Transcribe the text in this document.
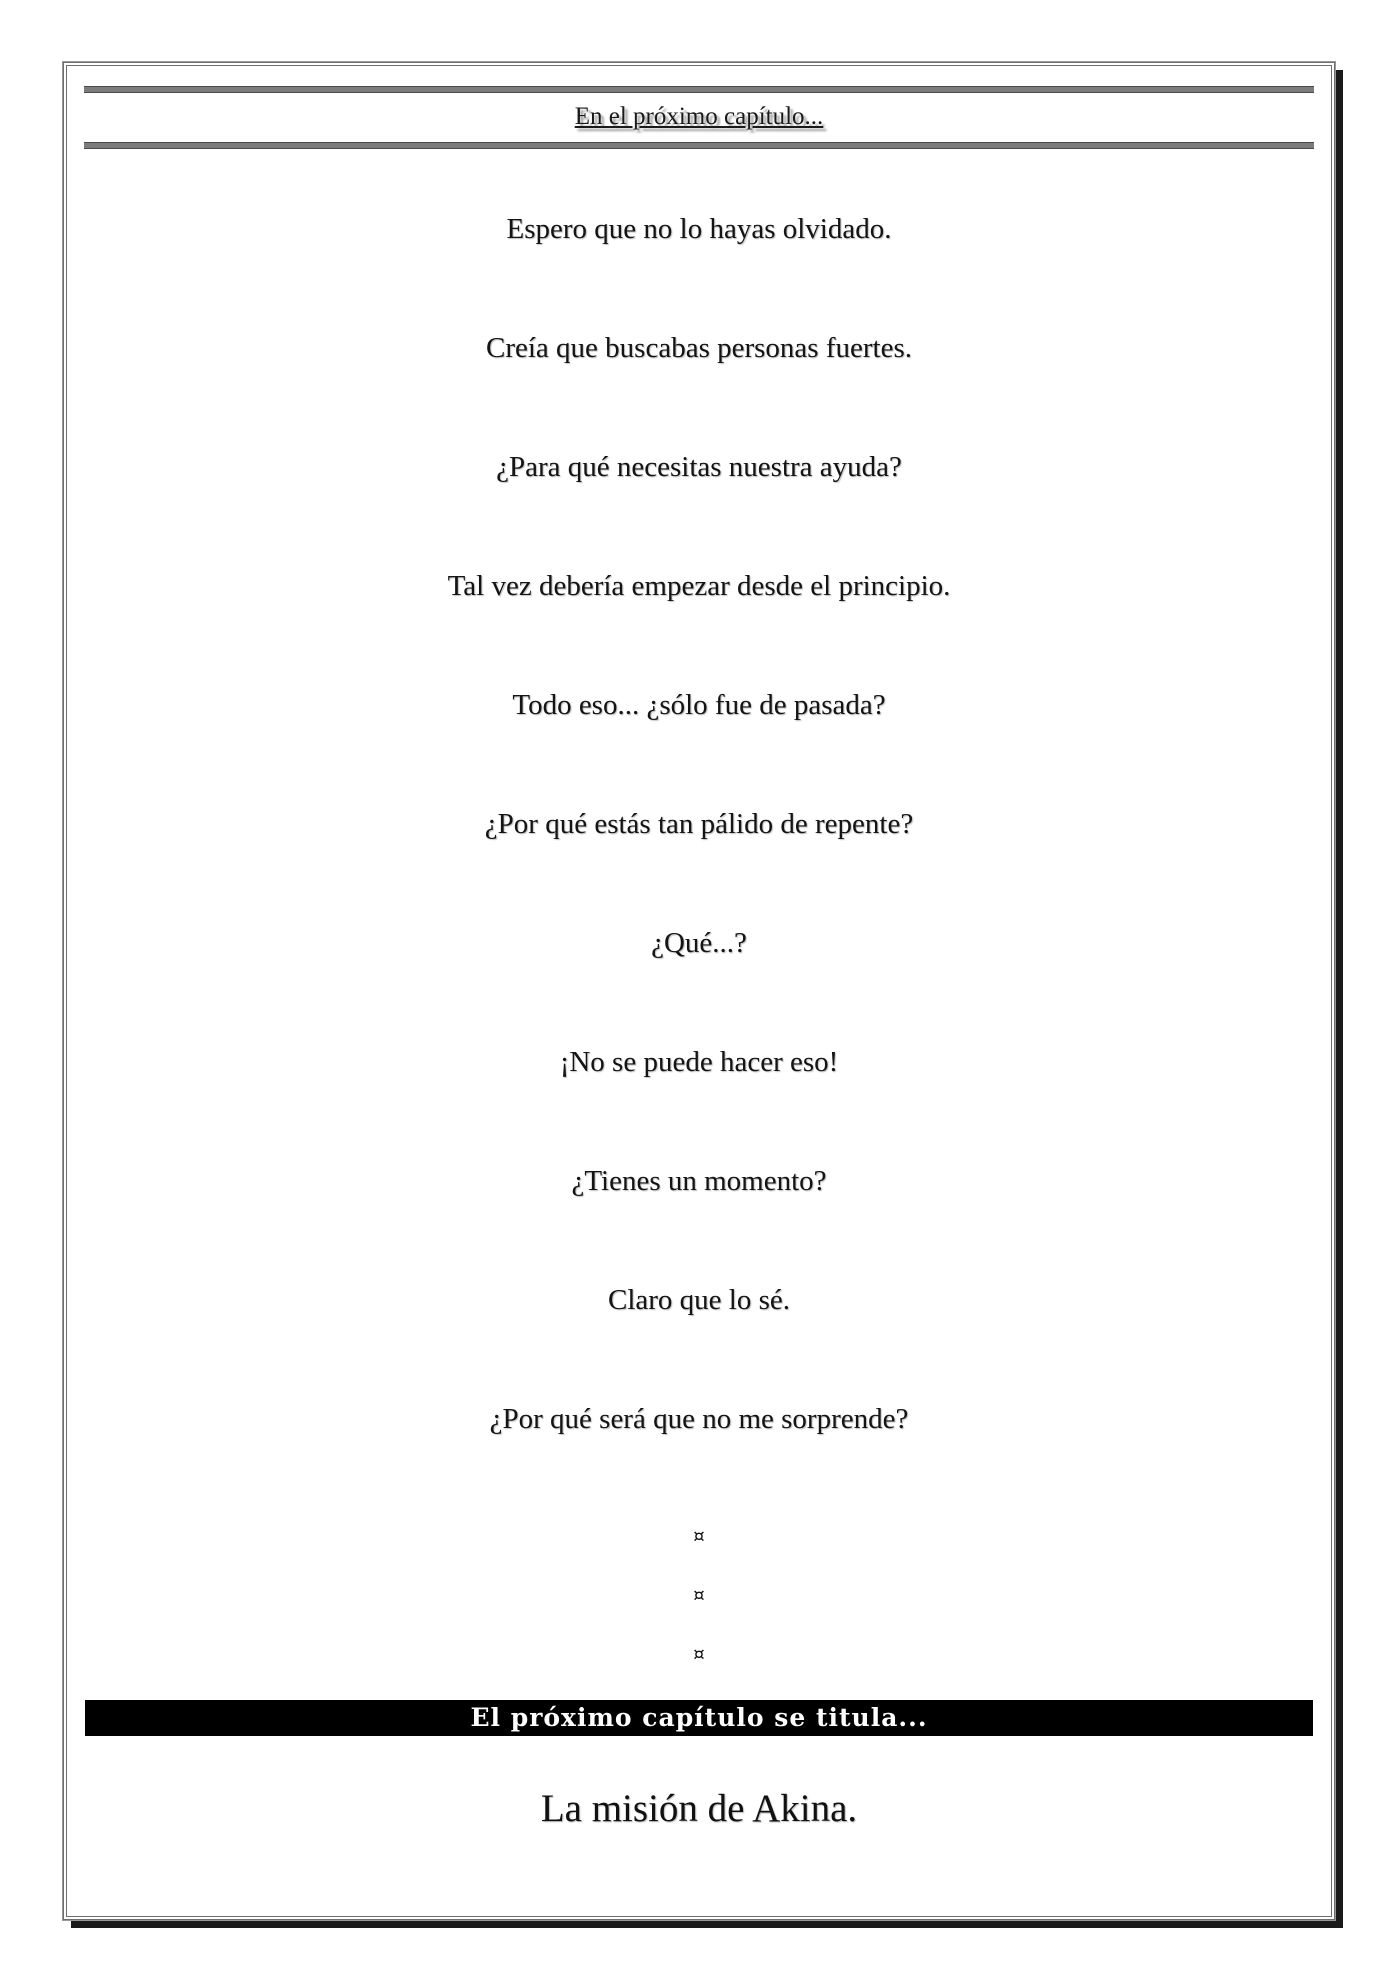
En el próximo capítulo...
Espero que no lo hayas olvidado.
Creía que buscabas personas fuertes.
¿Para qué necesitas nuestra ayuda?
Tal vez debería empezar desde el principio.
Todo eso... ¿sólo fue de pasada?
¿Por qué estás tan pálido de repente?
¿Qué...?
¡No se puede hacer eso!
¿Tienes un momento?
Claro que lo sé.
¿Por qué será que no me sorprende?
¤
¤
¤
El próximo capítulo se titula...
La misión de Akina.
